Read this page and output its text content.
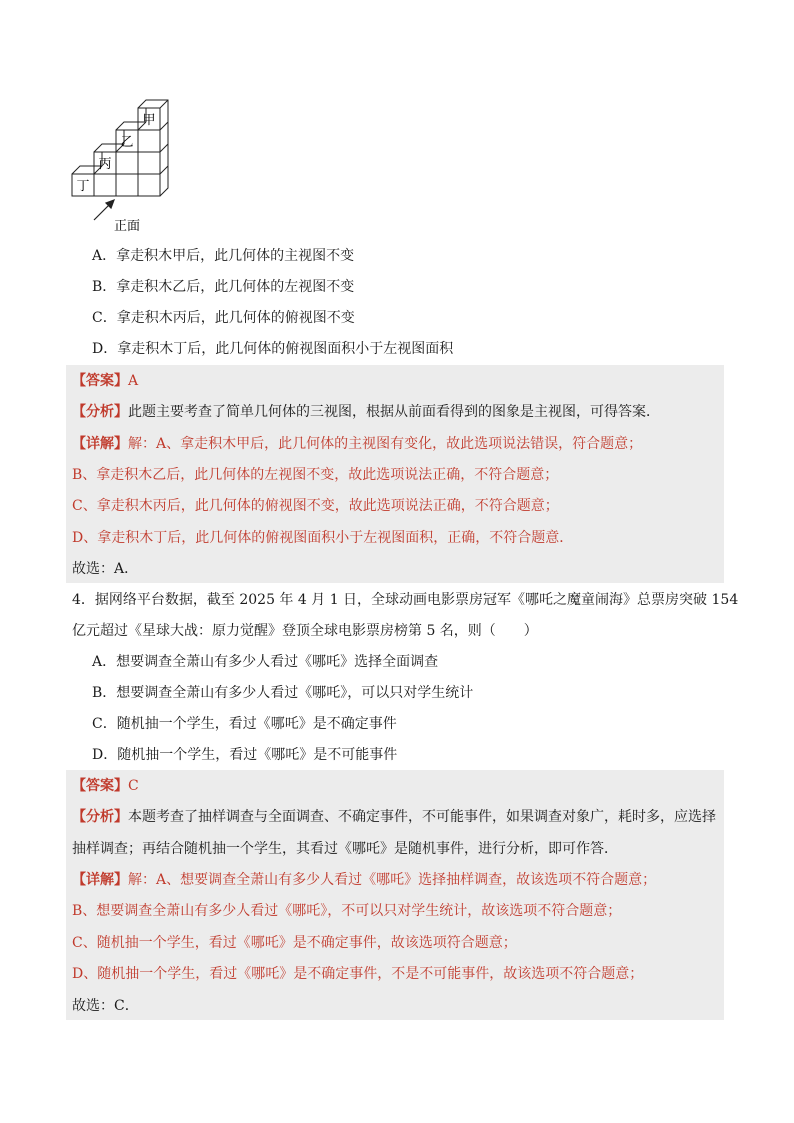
甲
乙
丙
丁
正面
A．拿走积木甲后，此几何体的主视图不变
B．拿走积木乙后，此几何体的左视图不变
C．拿走积木丙后，此几何体的俯视图不变
D．拿走积木丁后，此几何体的俯视图面积小于左视图面积
【答案】A
【分析】此题主要考查了简单几何体的三视图，根据从前面看得到的图象是主视图，可得答案．
【详解】解：A、拿走积木甲后，此几何体的主视图有变化，故此选项说法错误，符合题意；
B、拿走积木乙后，此几何体的左视图不变，故此选项说法正确，不符合题意；
C、拿走积木丙后，此几何体的俯视图不变，故此选项说法正确，不符合题意；
D、拿走积木丁后，此几何体的俯视图面积小于左视图面积，正确，不符合题意．
故选：A．
4．据网络平台数据，截至 2025 年 4 月 1 日，全球动画电影票房冠军《哪吒之魔童闹海》总票房突破 154
亿元超过《星球大战：原力觉醒》登顶全球电影票房榜第 5 名，则（　　）
A．想要调查全萧山有多少人看过《哪吒》选择全面调查
B．想要调查全萧山有多少人看过《哪吒》，可以只对学生统计
C．随机抽一个学生，看过《哪吒》是不确定事件
D．随机抽一个学生，看过《哪吒》是不可能事件
【答案】C
【分析】本题考查了抽样调查与全面调查、不确定事件，不可能事件，如果调查对象广，耗时多，应选择
抽样调查；再结合随机抽一个学生，其看过《哪吒》是随机事件，进行分析，即可作答．
【详解】解：A、想要调查全萧山有多少人看过《哪吒》选择抽样调查，故该选项不符合题意；
B、想要调查全萧山有多少人看过《哪吒》，不可以只对学生统计，故该选项不符合题意；
C、随机抽一个学生，看过《哪吒》是不确定事件，故该选项符合题意；
D、随机抽一个学生，看过《哪吒》是不确定事件，不是不可能事件，故该选项不符合题意；
故选：C．
